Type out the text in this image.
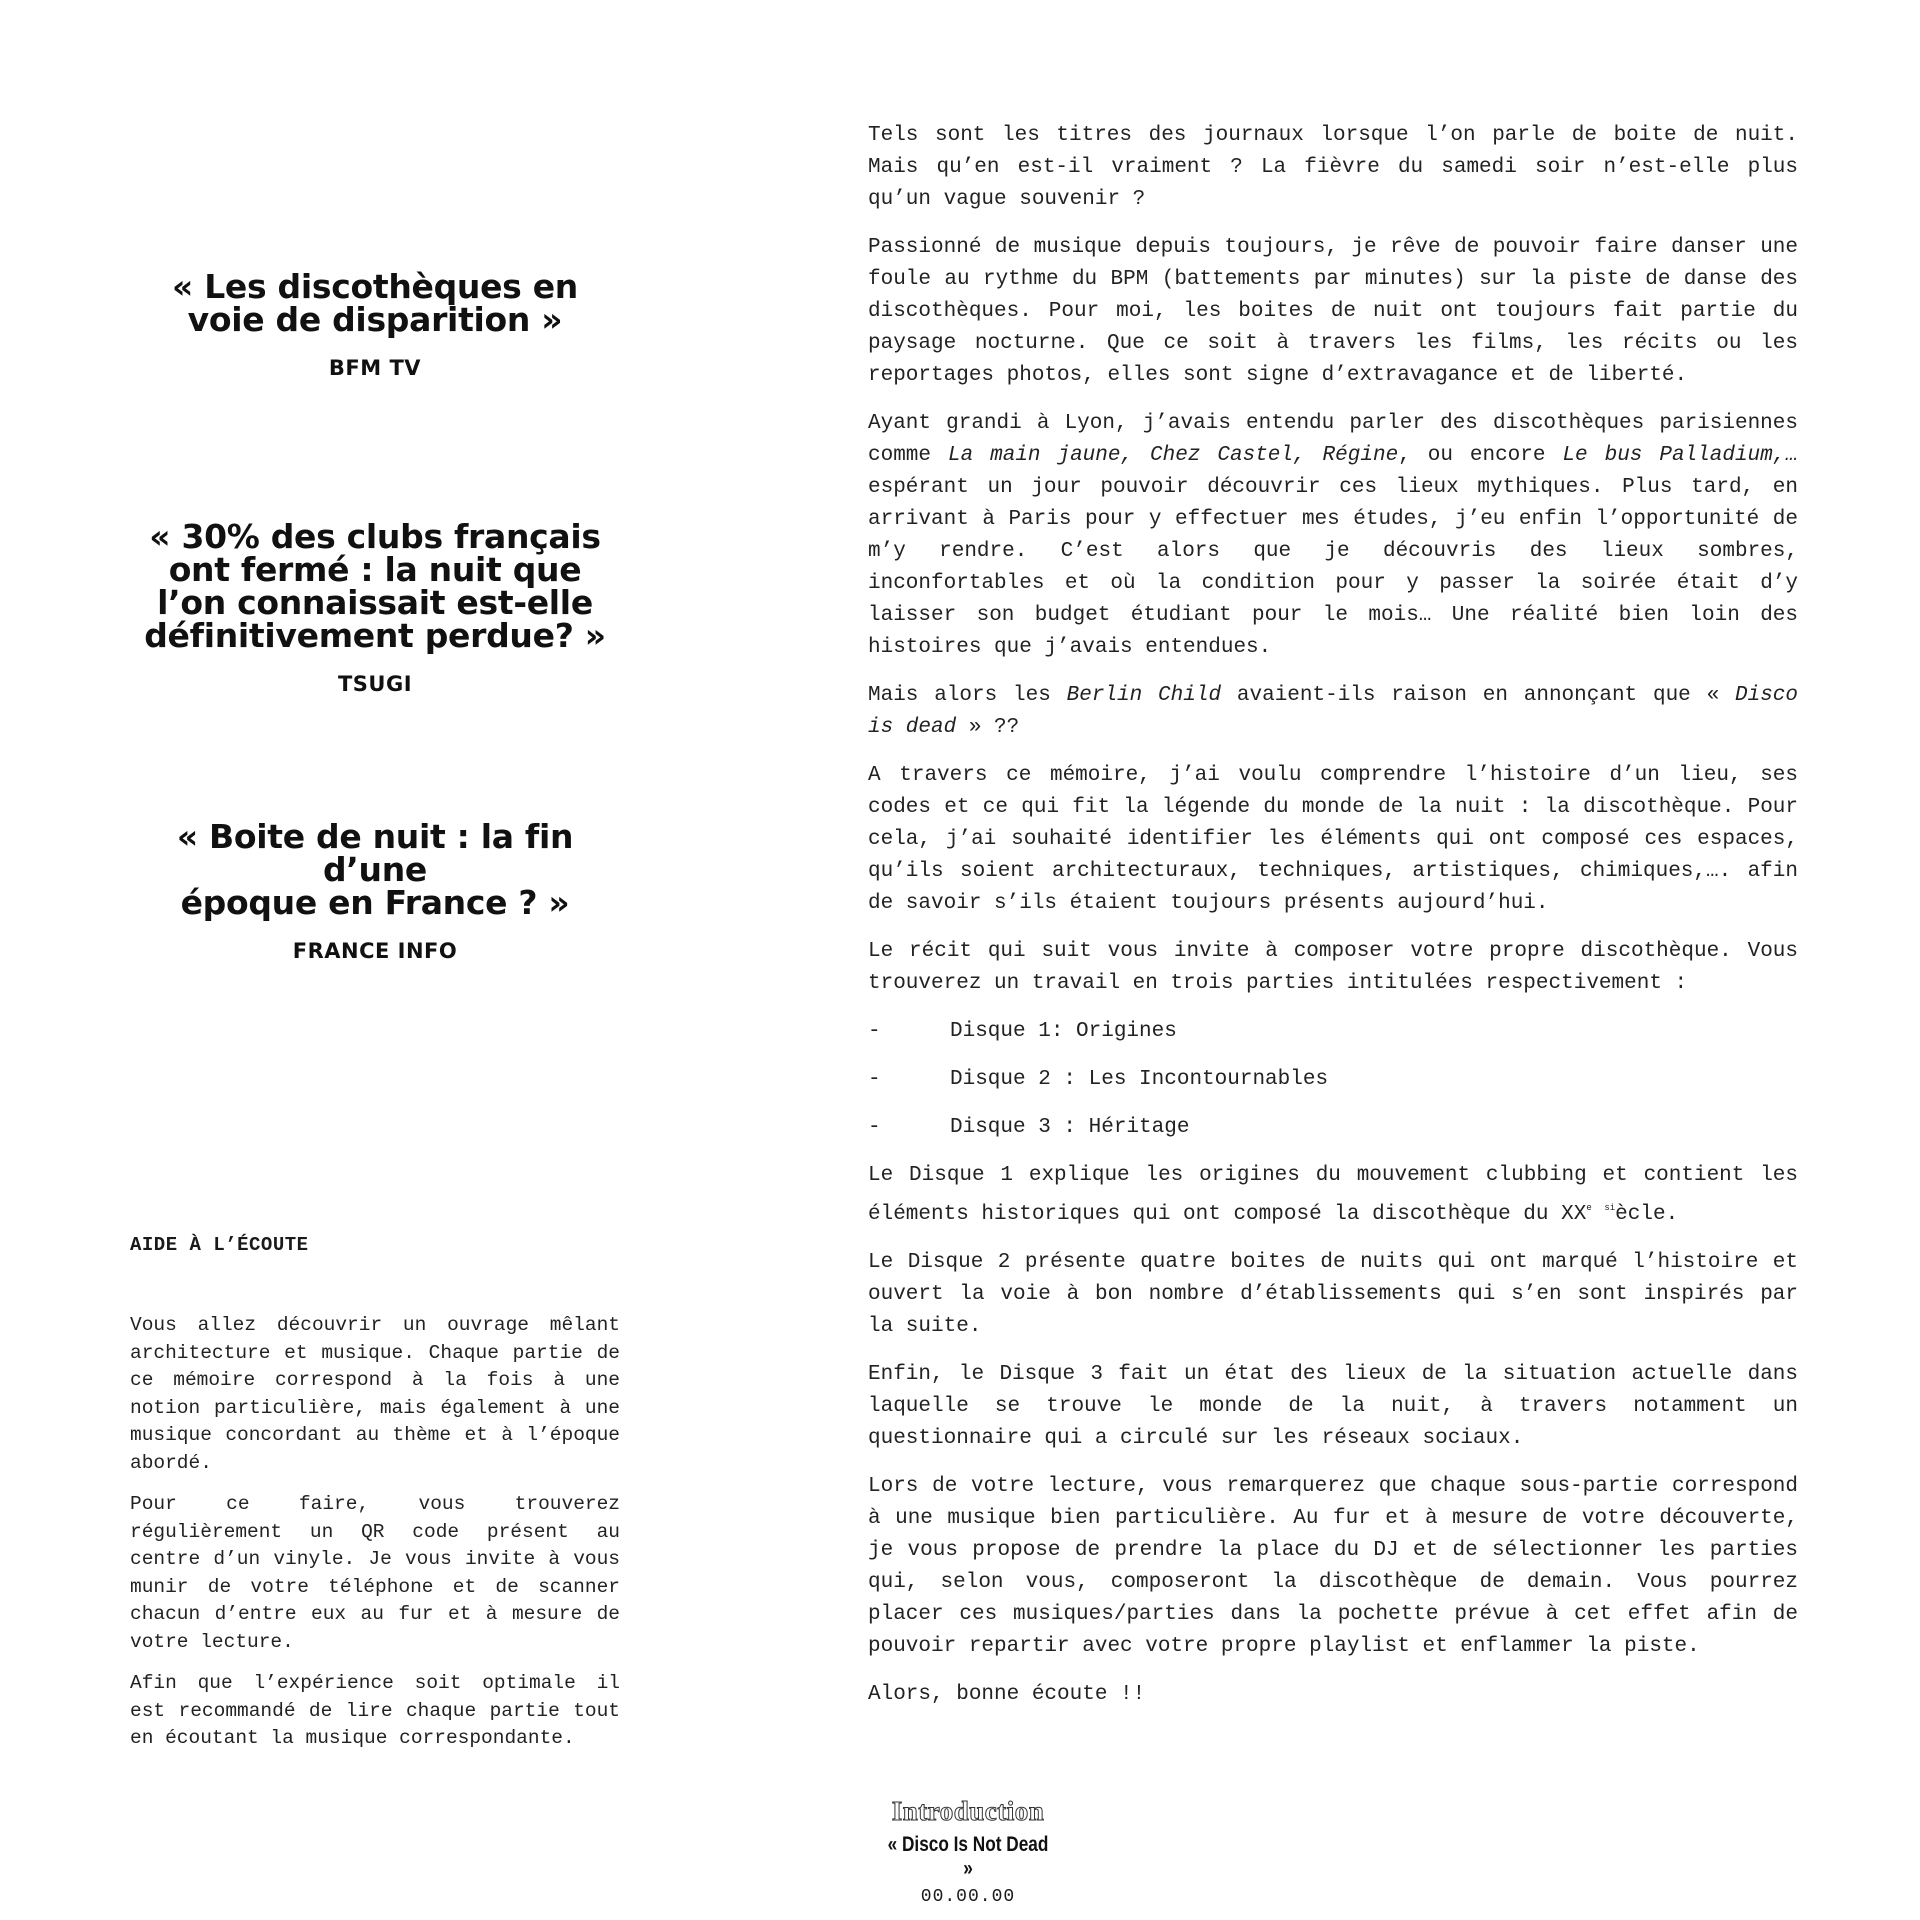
« Les discothèques en
voie de disparition »
BFM TV
« 30% des clubs français
ont fermé : la nuit que
l’on connaissait est-elle
définitivement perdue? »
TSUGI
« Boite de nuit : la fin d’une
époque en France ? »
FRANCE INFO
AIDE À L’ÉCOUTE

Vous allez découvrir un ouvrage mêlant architecture et musique. Chaque partie de ce mémoire correspond à la fois à une notion particulière, mais également à une musique concordant au thème et à l’époque abordé.

Pour ce faire, vous trouverez régulièrement un QR code présent au centre d’un vinyle. Je vous invite à vous munir de votre téléphone et de scanner chacun d’entre eux au fur et à mesure de votre lecture.

Afin que l’expérience soit optimale il est recommandé de lire chaque partie tout en écoutant la musique correspondante.

Tels sont les titres des journaux lorsque l’on parle de boite de nuit. Mais qu’en est-il vraiment ? La fièvre du samedi soir n’est-elle plus qu’un vague souvenir ?

Passionné de musique depuis toujours, je rêve de pouvoir faire danser une foule au rythme du BPM (battements par minutes) sur la piste de danse des discothèques. Pour moi, les boites de nuit ont toujours fait partie du paysage nocturne. Que ce soit à travers les films, les récits ou les reportages photos, elles sont signe d’extravagance et de liberté.

Ayant grandi à Lyon, j’avais entendu parler des discothèques parisiennes comme La main jaune, Chez Castel, Régine, ou encore Le bus Palladium,… espérant un jour pouvoir découvrir ces lieux mythiques. Plus tard, en arrivant à Paris pour y effectuer mes études, j’eu enfin l’opportunité de m’y rendre. C’est alors que je découvris des lieux sombres, inconfortables et où la condition pour y passer la soirée était d’y laisser son budget étudiant pour le mois… Une réalité bien loin des histoires que j’avais entendues.

Mais alors les Berlin Child avaient-ils raison en annonçant que « Disco is dead » ??

A travers ce mémoire, j’ai voulu comprendre l’histoire d’un lieu, ses codes et ce qui fit la légende du monde de la nuit : la discothèque. Pour cela, j’ai souhaité identifier les éléments qui ont composé ces espaces, qu’ils soient architecturaux, techniques, artistiques, chimiques,…. afin de savoir s’ils étaient toujours présents aujourd’hui.

Le récit qui suit vous invite à composer votre propre discothèque. Vous trouverez un travail en trois parties intitulées respectivement :

-	Disque 1: Origines

-	Disque 2 : Les Incontournables

-	Disque 3 : Héritage

Le Disque 1 explique les origines du mouvement clubbing et contient les éléments historiques qui ont composé la discothèque du XXe $^{si}$ècle.

Le Disque 2 présente quatre boites de nuits qui ont marqué l’histoire et ouvert la voie à bon nombre d’établissements qui s’en sont inspirés par la suite.

Enfin, le Disque 3 fait un état des lieux de la situation actuelle dans laquelle se trouve le monde de la nuit, à travers notamment un questionnaire qui a circulé sur les réseaux sociaux.

Lors de votre lecture, vous remarquerez que chaque sous-partie correspond à une musique bien particulière. Au fur et à mesure de votre découverte, je vous propose de prendre la place du DJ et de sélectionner les parties qui, selon vous, composeront la discothèque de demain. Vous pourrez placer ces musiques/parties dans la pochette prévue à cet effet afin de pouvoir repartir avec votre propre playlist et enflammer la piste.

Alors, bonne écoute !!

Introduction
« Disco Is Not Dead »
00.00.00
